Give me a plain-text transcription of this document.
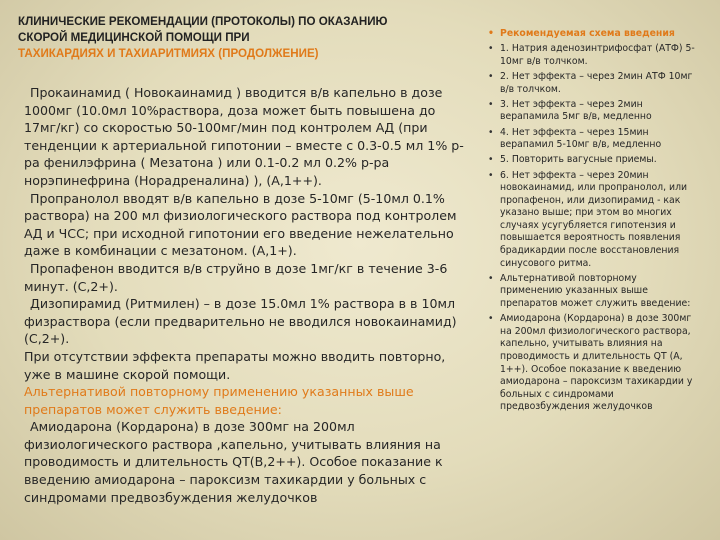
КЛИНИЧЕСКИЕ РЕКОМЕНДАЦИИ (ПРОТОКОЛЫ) ПО ОКАЗАНИЮ СКОРОЙ МЕДИЦИНСКОЙ ПОМОЩИ ПРИ
ТАХИКАРДИЯХ И ТАХИАРИТМИЯХ (ПРОДОЛЖЕНИЕ)

Прокаинамид ( Новокаинамид ) вводится в/в капельно в дозе 1000мг (10.0мл 10%раствора, доза может быть повышена до 17мг/кг) со скоростью 50-100мг/мин под контролем АД (при тенденции к артериальной гипотонии – вместе с 0.3-0.5 мл 1% р-ра фенилэфрина ( Мезатона ) или 0.1-0.2 мл 0.2% р-ра норэпинефрина (Норадреналина) ), (А,1++).

Пропранолол вводят в/в капельно в дозе 5-10мг (5-10мл 0.1% раствора) на 200 мл физиологического раствора под контролем АД и ЧСС; при исходной гипотонии его введение нежелательно даже в комбинации с мезатоном. (А,1+).

Пропафенон вводится в/в струйно в дозе 1мг/кг в течение 3-6 минут. (С,2+).

Дизопирамид (Ритмилен) – в дозе 15.0мл 1% раствора в в 10мл физраствора (если предварительно не вводился новокаинамид) (С,2+).

При отсутствии эффекта препараты можно вводить повторно, уже в машине скорой помощи.

Альтернативой повторному применению указанных выше препаратов может служить введение:

Амиодарона (Кордарона) в дозе 300мг на 200мл физиологического раствора ,капельно, учитывать влияния на проводимость и длительность QT(В,2++). Особое показание к введению амиодарона – пароксизм тахикардии у больных с синдромами предвозбуждения желудочков

• Рекомендуемая схема введения
• 1. Натрия аденозинтрифосфат (АТФ) 5-10мг в/в толчком.
• 2. Нет эффекта – через 2мин АТФ 10мг в/в толчком.
• 3. Нет эффекта – через 2мин верапамила 5мг в/в, медленно
• 4. Нет эффекта – через 15мин верапамил 5-10мг в/в, медленно
• 5. Повторить вагусные приемы.
• 6. Нет эффекта – через 20мин новокаинамид, или пропранолол, или пропафенон, или дизопирамид - как указано выше; при этом во многих случаях усугубляется гипотензия и повышается вероятность появления брадикардии после восстановления синусового ритма.
• Альтернативой повторному применению указанных выше препаратов может служить введение:
• Амиодарона (Кордарона) в дозе 300мг на 200мл физиологического раствора, капельно, учитывать влияния на проводимость и длительность QT (А, 1++). Особое показание к введению амиодарона – пароксизм тахикардии у больных с синдромами предвозбуждения желудочков
